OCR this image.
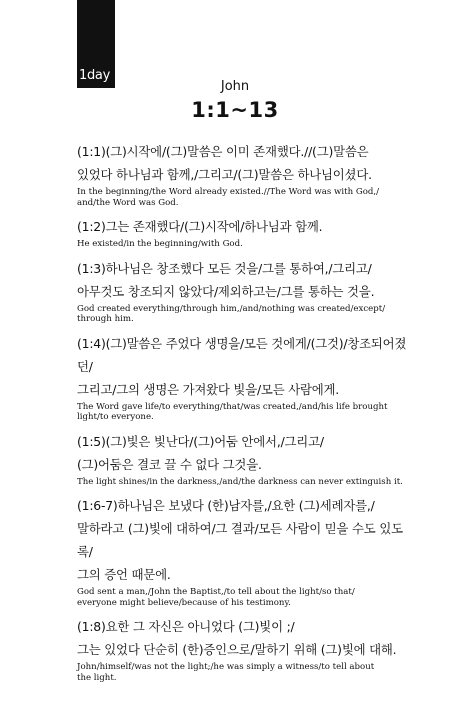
1day
John
1:1~13
(1:1)(그)시작에/(그)말씀은 이미 존재했다.//(그)말씀은
있었다 하나님과 함께,/그리고/(그)말씀은 하나님이셨다.
In the beginning/the Word already existed.//The Word was with God,/
and/the Word was God.
(1:2)그는 존재했다/(그)시작에/하나님과 함께.
He existed/in the beginning/with God.
(1:3)하나님은 창조했다 모든 것을/그를 통하여,/그리고/
아무것도 창조되지 않았다/제외하고는/그를 통하는 것을.
God created everything/through him,/and/nothing was created/except/
through him.
(1:4)(그)말씀은 주었다 생명을/모든 것에게/(그것)/창조되어졌던/
그리고/그의 생명은 가져왔다 빛을/모든 사람에게.
The Word gave life/to everything/that/was created,/and/his life brought
light/to everyone.
(1:5)(그)빛은 빛난다/(그)어둠 안에서,/그리고/
(그)어둠은 결코 끌 수 없다 그것을.
The light shines/in the darkness,/and/the darkness can never extinguish it.
(1:6-7)하나님은 보냈다 (한)남자를,/요한 (그)세례자를,/
말하라고 (그)빛에 대하여/그 결과/모든 사람이 믿을 수도 있도록/
그의 증언 때문에.
God sent a man,/John the Baptist,/to tell about the light/so that/
everyone might believe/because of his testimony.
(1:8)요한 그 자신은 아니었다 (그)빛이 ;/
그는 있었다 단순히 (한)증인으로/말하기 위해 (그)빛에 대해.
John/himself/was not the light;/he was simply a witness/to tell about
the light.
